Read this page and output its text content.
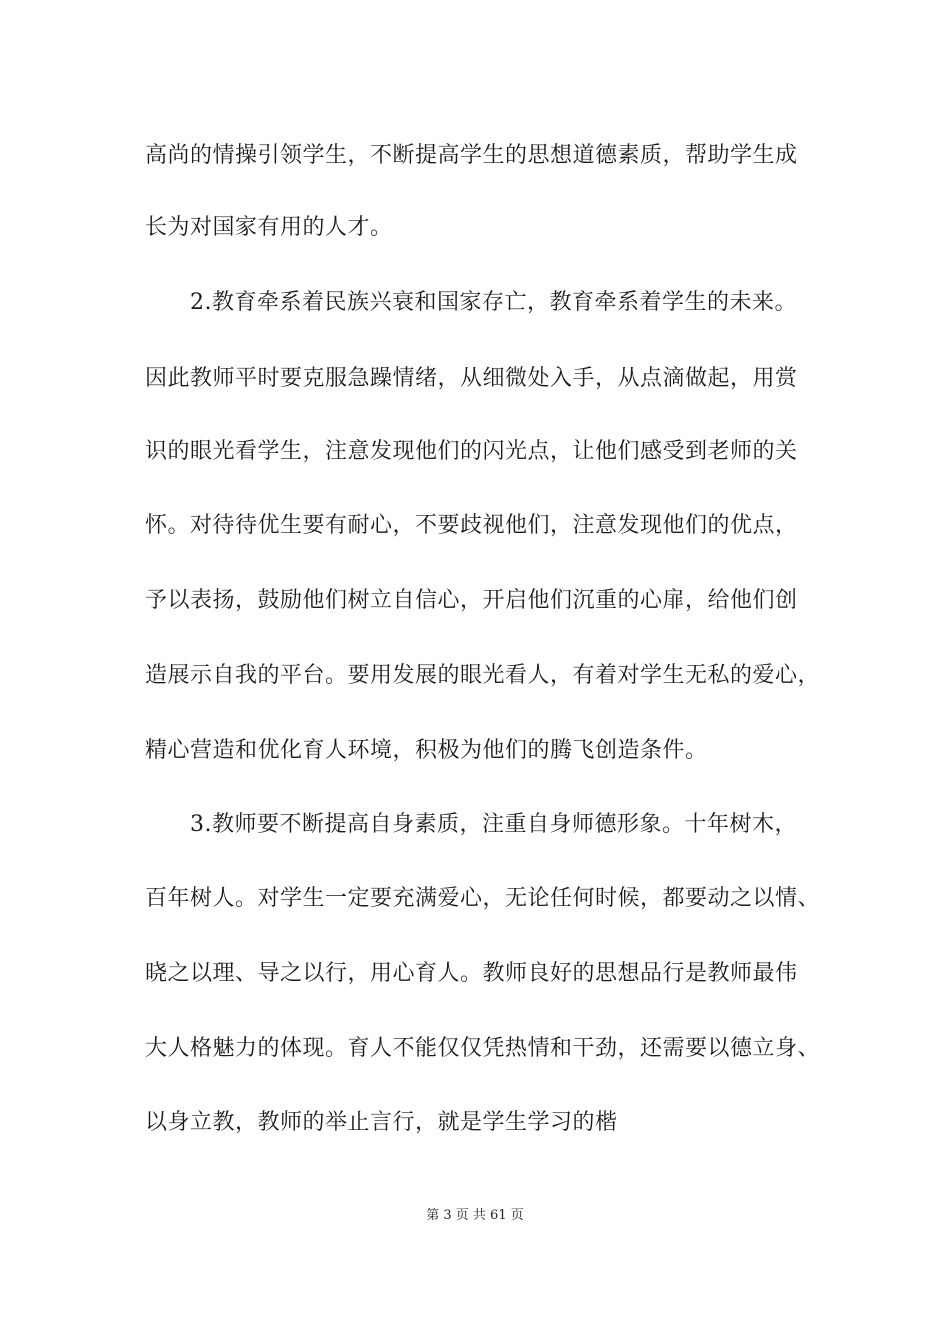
高尚的情操引领学生，不断提高学生的思想道德素质，帮助学生成
长为对国家有用的人才。
2.教育牵系着民族兴衰和国家存亡，教育牵系着学生的未来。
因此教师平时要克服急躁情绪，从细微处入手，从点滴做起，用赏
识的眼光看学生，注意发现他们的闪光点，让他们感受到老师的关
怀。对待待优生要有耐心，不要歧视他们，注意发现他们的优点，
予以表扬，鼓励他们树立自信心，开启他们沉重的心扉，给他们创
造展示自我的平台。要用发展的眼光看人，有着对学生无私的爱心，
精心营造和优化育人环境，积极为他们的腾飞创造条件。
3.教师要不断提高自身素质，注重自身师德形象。十年树木，
百年树人。对学生一定要充满爱心，无论任何时候，都要动之以情、
晓之以理、导之以行，用心育人。教师良好的思想品行是教师最伟
大人格魅力的体现。育人不能仅仅凭热情和干劲，还需要以德立身、
以身立教，教师的举止言行，就是学生学习的楷
第 3 页 共 61 页
